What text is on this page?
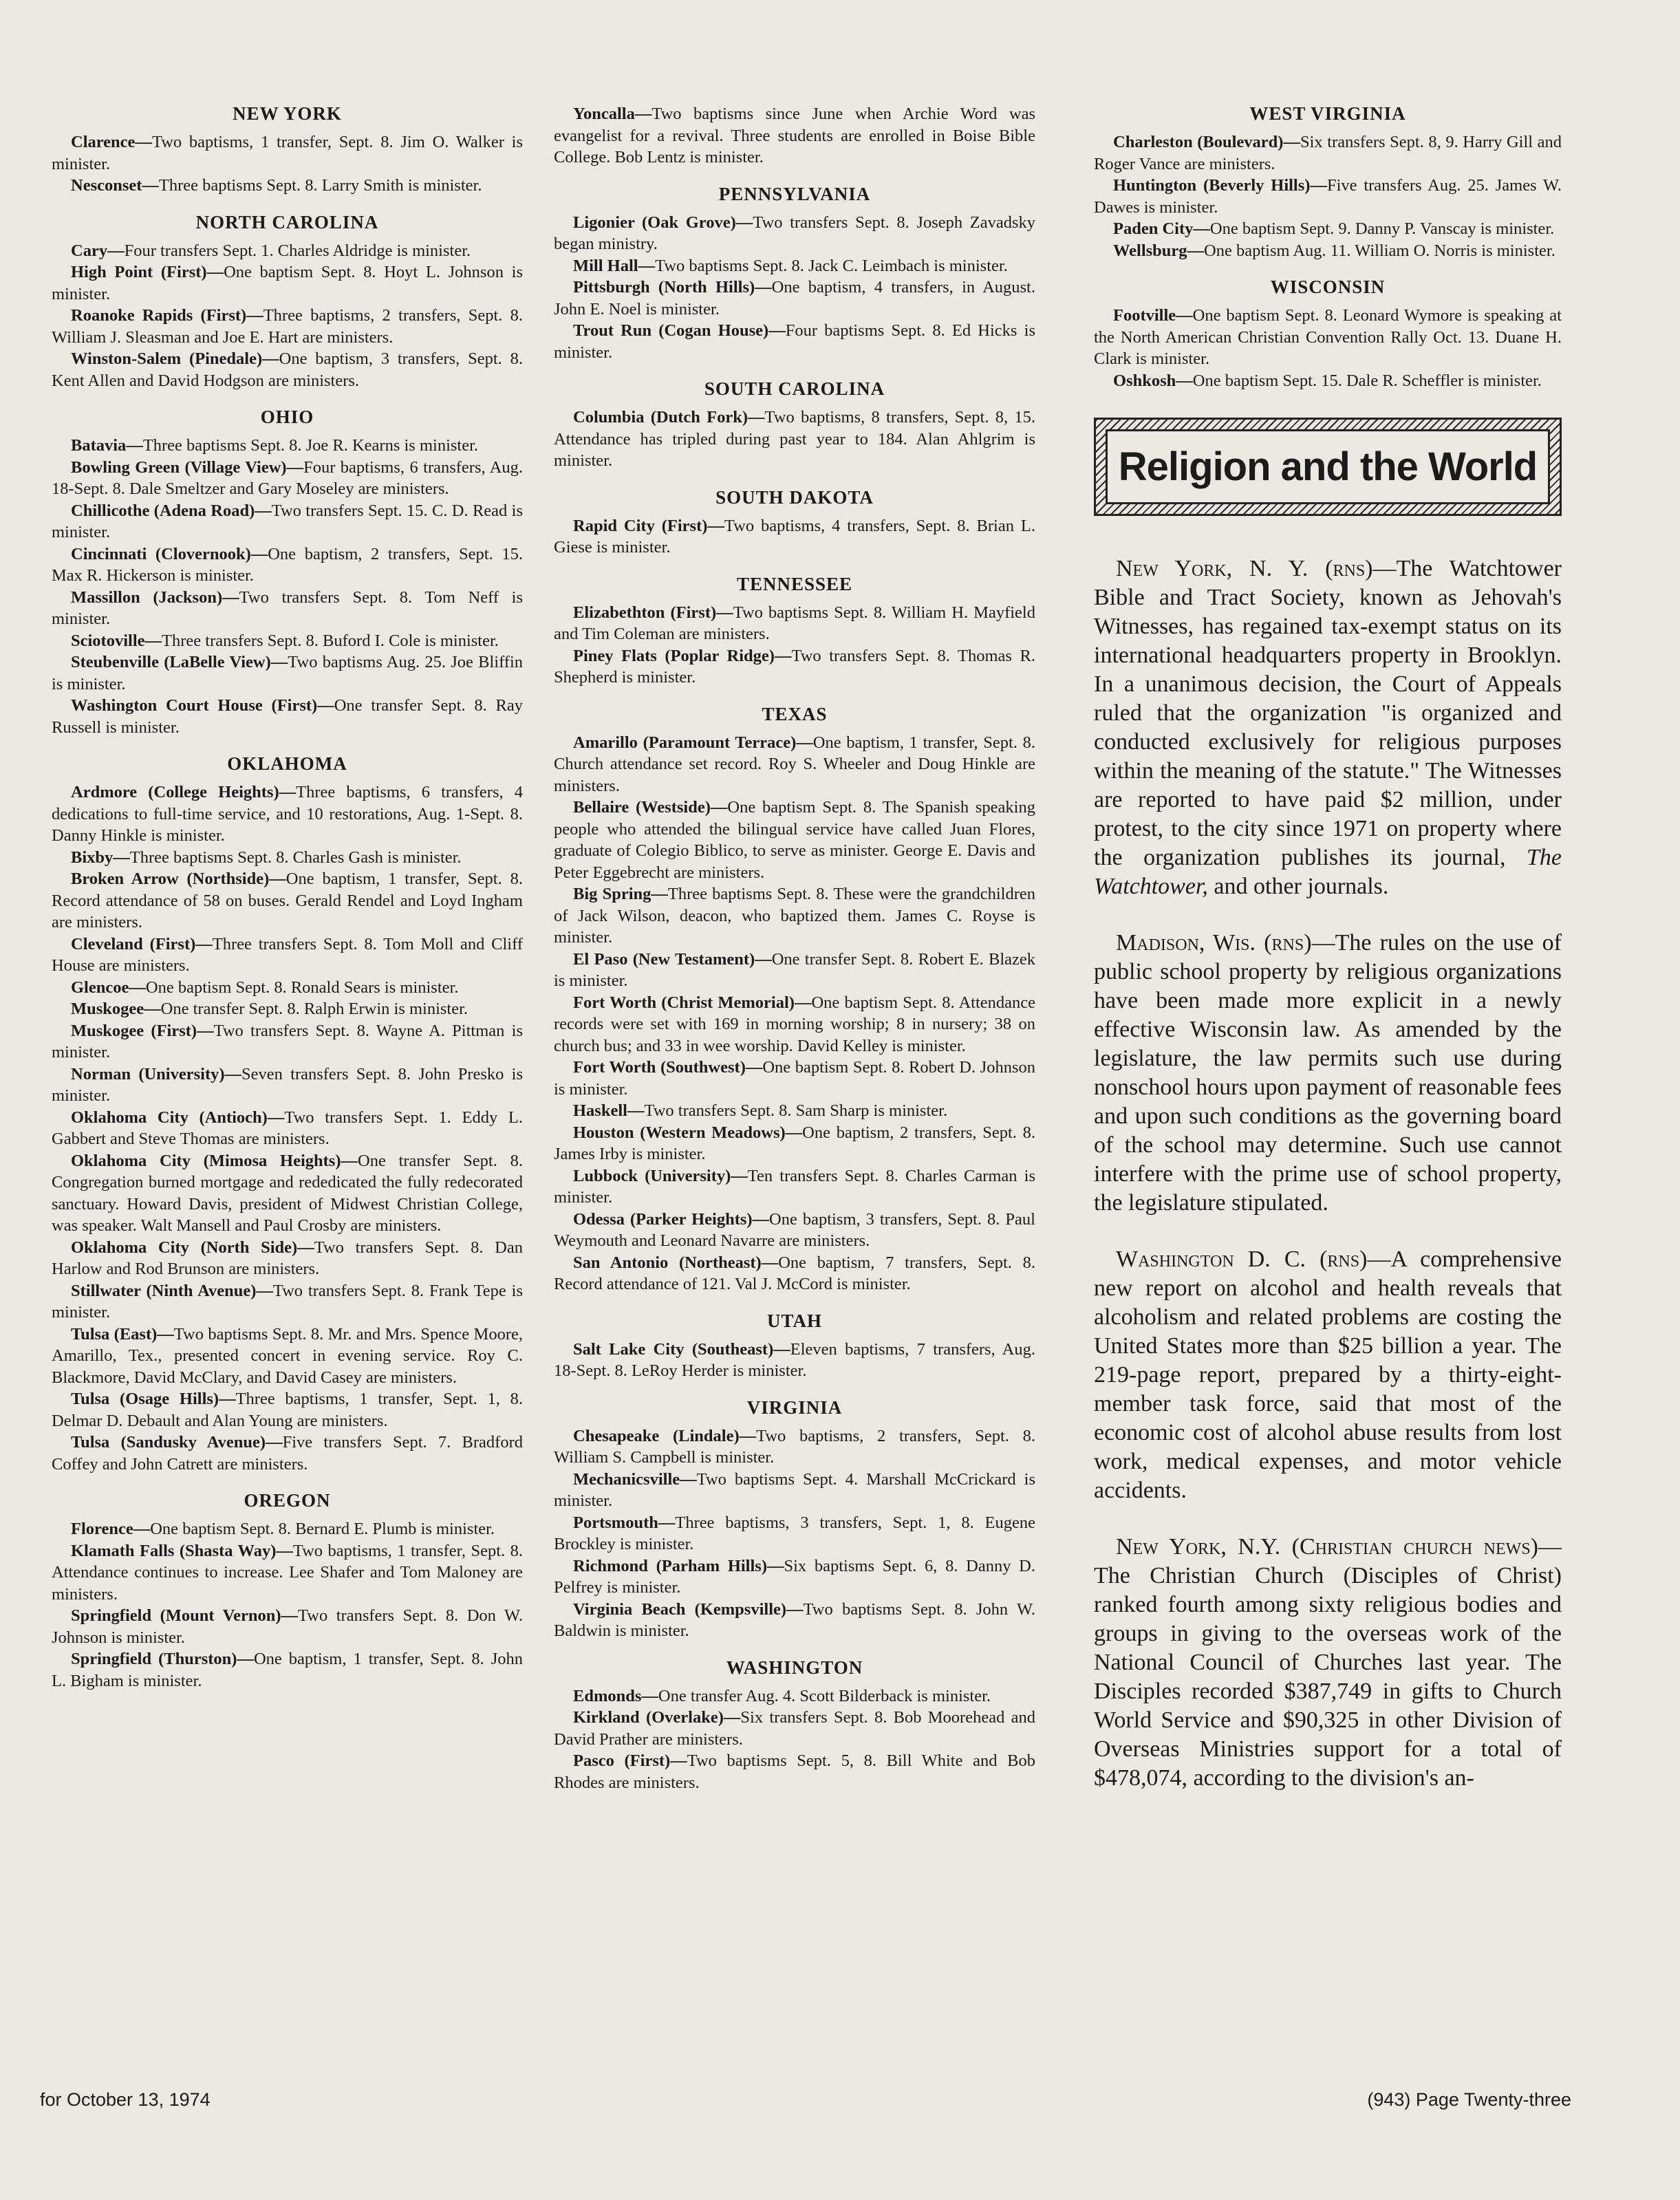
NEW YORK

Clarence—Two baptisms, 1 transfer, Sept. 8. Jim O. Walker is minister.

Nesconset—Three baptisms Sept. 8. Larry Smith is minister.

NORTH CAROLINA

Cary—Four transfers Sept. 1. Charles Aldridge is minister.

High Point (First)—One baptism Sept. 8. Hoyt L. Johnson is minister.

Roanoke Rapids (First)—Three baptisms, 2 transfers, Sept. 8. William J. Sleasman and Joe E. Hart are ministers.

Winston-Salem (Pinedale)—One baptism, 3 transfers, Sept. 8. Kent Allen and David Hodgson are ministers.

OHIO

Batavia—Three baptisms Sept. 8. Joe R. Kearns is minister.

Bowling Green (Village View)—Four baptisms, 6 transfers, Aug. 18-Sept. 8. Dale Smeltzer and Gary Moseley are ministers.

Chillicothe (Adena Road)—Two transfers Sept. 15. C. D. Read is minister.

Cincinnati (Clovernook)—One baptism, 2 transfers, Sept. 15. Max R. Hickerson is minister.

Massillon (Jackson)—Two transfers Sept. 8. Tom Neff is minister.

Sciotoville—Three transfers Sept. 8. Buford I. Cole is minister.

Steubenville (LaBelle View)—Two baptisms Aug. 25. Joe Bliffin is minister.

Washington Court House (First)—One transfer Sept. 8. Ray Russell is minister.

OKLAHOMA

Ardmore (College Heights)—Three baptisms, 6 transfers, 4 dedications to full-time service, and 10 restorations, Aug. 1-Sept. 8. Danny Hinkle is minister.

Bixby—Three baptisms Sept. 8. Charles Gash is minister.

Broken Arrow (Northside)—One baptism, 1 transfer, Sept. 8. Record attendance of 58 on buses. Gerald Rendel and Loyd Ingham are ministers.

Cleveland (First)—Three transfers Sept. 8. Tom Moll and Cliff House are ministers.

Glencoe—One baptism Sept. 8. Ronald Sears is minister.

Muskogee—One transfer Sept. 8. Ralph Erwin is minister.

Muskogee (First)—Two transfers Sept. 8. Wayne A. Pittman is minister.

Norman (University)—Seven transfers Sept. 8. John Presko is minister.

Oklahoma City (Antioch)—Two transfers Sept. 1. Eddy L. Gabbert and Steve Thomas are ministers.

Oklahoma City (Mimosa Heights)—One transfer Sept. 8. Congregation burned mortgage and rededicated the fully redecorated sanctuary. Howard Davis, president of Midwest Christian College, was speaker. Walt Mansell and Paul Crosby are ministers.

Oklahoma City (North Side)—Two transfers Sept. 8. Dan Harlow and Rod Brunson are ministers.

Stillwater (Ninth Avenue)—Two transfers Sept. 8. Frank Tepe is minister.

Tulsa (East)—Two baptisms Sept. 8. Mr. and Mrs. Spence Moore, Amarillo, Tex., presented concert in evening service. Roy C. Blackmore, David McClary, and David Casey are ministers.

Tulsa (Osage Hills)—Three baptisms, 1 transfer, Sept. 1, 8. Delmar D. Debault and Alan Young are ministers.

Tulsa (Sandusky Avenue)—Five transfers Sept. 7. Bradford Coffey and John Catrett are ministers.

OREGON

Florence—One baptism Sept. 8. Bernard E. Plumb is minister.

Klamath Falls (Shasta Way)—Two baptisms, 1 transfer, Sept. 8. Attendance continues to increase. Lee Shafer and Tom Maloney are ministers.

Springfield (Mount Vernon)—Two transfers Sept. 8. Don W. Johnson is minister.

Springfield (Thurston)—One baptism, 1 transfer, Sept. 8. John L. Bigham is minister.

Yoncalla—Two baptisms since June when Archie Word was evangelist for a revival. Three students are enrolled in Boise Bible College. Bob Lentz is minister.

PENNSYLVANIA

Ligonier (Oak Grove)—Two transfers Sept. 8. Joseph Zavadsky began ministry.

Mill Hall—Two baptisms Sept. 8. Jack C. Leimbach is minister.

Pittsburgh (North Hills)—One baptism, 4 transfers, in August. John E. Noel is minister.

Trout Run (Cogan House)—Four baptisms Sept. 8. Ed Hicks is minister.

SOUTH CAROLINA

Columbia (Dutch Fork)—Two baptisms, 8 transfers, Sept. 8, 15. Attendance has tripled during past year to 184. Alan Ahlgrim is minister.

SOUTH DAKOTA

Rapid City (First)—Two baptisms, 4 transfers, Sept. 8. Brian L. Giese is minister.

TENNESSEE

Elizabethton (First)—Two baptisms Sept. 8. William H. Mayfield and Tim Coleman are ministers.

Piney Flats (Poplar Ridge)—Two transfers Sept. 8. Thomas R. Shepherd is minister.

TEXAS

Amarillo (Paramount Terrace)—One baptism, 1 transfer, Sept. 8. Church attendance set record. Roy S. Wheeler and Doug Hinkle are ministers.

Bellaire (Westside)—One baptism Sept. 8. The Spanish speaking people who attended the bilingual service have called Juan Flores, graduate of Colegio Biblico, to serve as minister. George E. Davis and Peter Eggebrecht are ministers.

Big Spring—Three baptisms Sept. 8. These were the grandchildren of Jack Wilson, deacon, who baptized them. James C. Royse is minister.

El Paso (New Testament)—One transfer Sept. 8. Robert E. Blazek is minister.

Fort Worth (Christ Memorial)—One baptism Sept. 8. Attendance records were set with 169 in morning worship; 8 in nursery; 38 on church bus; and 33 in wee worship. David Kelley is minister.

Fort Worth (Southwest)—One baptism Sept. 8. Robert D. Johnson is minister.

Haskell—Two transfers Sept. 8. Sam Sharp is minister.

Houston (Western Meadows)—One baptism, 2 transfers, Sept. 8. James Irby is minister.

Lubbock (University)—Ten transfers Sept. 8. Charles Carman is minister.

Odessa (Parker Heights)—One baptism, 3 transfers, Sept. 8. Paul Weymouth and Leonard Navarre are ministers.

San Antonio (Northeast)—One baptism, 7 transfers, Sept. 8. Record attendance of 121. Val J. McCord is minister.

UTAH

Salt Lake City (Southeast)—Eleven baptisms, 7 transfers, Aug. 18-Sept. 8. LeRoy Herder is minister.

VIRGINIA

Chesapeake (Lindale)—Two baptisms, 2 transfers, Sept. 8. William S. Campbell is minister.

Mechanicsville—Two baptisms Sept. 4. Marshall McCrickard is minister.

Portsmouth—Three baptisms, 3 transfers, Sept. 1, 8. Eugene Brockley is minister.

Richmond (Parham Hills)—Six baptisms Sept. 6, 8. Danny D. Pelfrey is minister.

Virginia Beach (Kempsville)—Two baptisms Sept. 8. John W. Baldwin is minister.

WASHINGTON

Edmonds—One transfer Aug. 4. Scott Bilderback is minister.

Kirkland (Overlake)—Six transfers Sept. 8. Bob Moorehead and David Prather are ministers.

Pasco (First)—Two baptisms Sept. 5, 8. Bill White and Bob Rhodes are ministers.

WEST VIRGINIA

Charleston (Boulevard)—Six transfers Sept. 8, 9. Harry Gill and Roger Vance are ministers.

Huntington (Beverly Hills)—Five transfers Aug. 25. James W. Dawes is minister.

Paden City—One baptism Sept. 9. Danny P. Vanscay is minister.

Wellsburg—One baptism Aug. 11. William O. Norris is minister.

WISCONSIN

Footville—One baptism Sept. 8. Leonard Wymore is speaking at the North American Christian Convention Rally Oct. 13. Duane H. Clark is minister.

Oshkosh—One baptism Sept. 15. Dale R. Scheffler is minister.

Religion and the World

New York, N. Y. (rns)—The Watchtower Bible and Tract Society, known as Jehovah's Witnesses, has regained tax-exempt status on its international headquarters property in Brooklyn. In a unanimous decision, the Court of Appeals ruled that the organization "is organized and conducted exclusively for religious purposes within the meaning of the statute." The Witnesses are reported to have paid $2 million, under protest, to the city since 1971 on property where the organization publishes its journal, The Watchtower, and other journals.

Madison, Wis. (rns)—The rules on the use of public school property by religious organizations have been made more explicit in a newly effective Wisconsin law. As amended by the legislature, the law permits such use during nonschool hours upon payment of reasonable fees and upon such conditions as the governing board of the school may determine. Such use cannot interfere with the prime use of school property, the legislature stipulated.

Washington D. C. (rns)—A comprehensive new report on alcohol and health reveals that alcoholism and related problems are costing the United States more than $25 billion a year. The 219-page report, prepared by a thirty-eight-member task force, said that most of the economic cost of alcohol abuse results from lost work, medical expenses, and motor vehicle accidents.

New York, N.Y. (Christian church news)—The Christian Church (Disciples of Christ) ranked fourth among sixty religious bodies and groups in giving to the overseas work of the National Council of Churches last year. The Disciples recorded $387,749 in gifts to Church World Service and $90,325 in other Division of Overseas Ministries support for a total of $478,074, according to the division's an-

for October 13, 1974	(943) Page Twenty-three
